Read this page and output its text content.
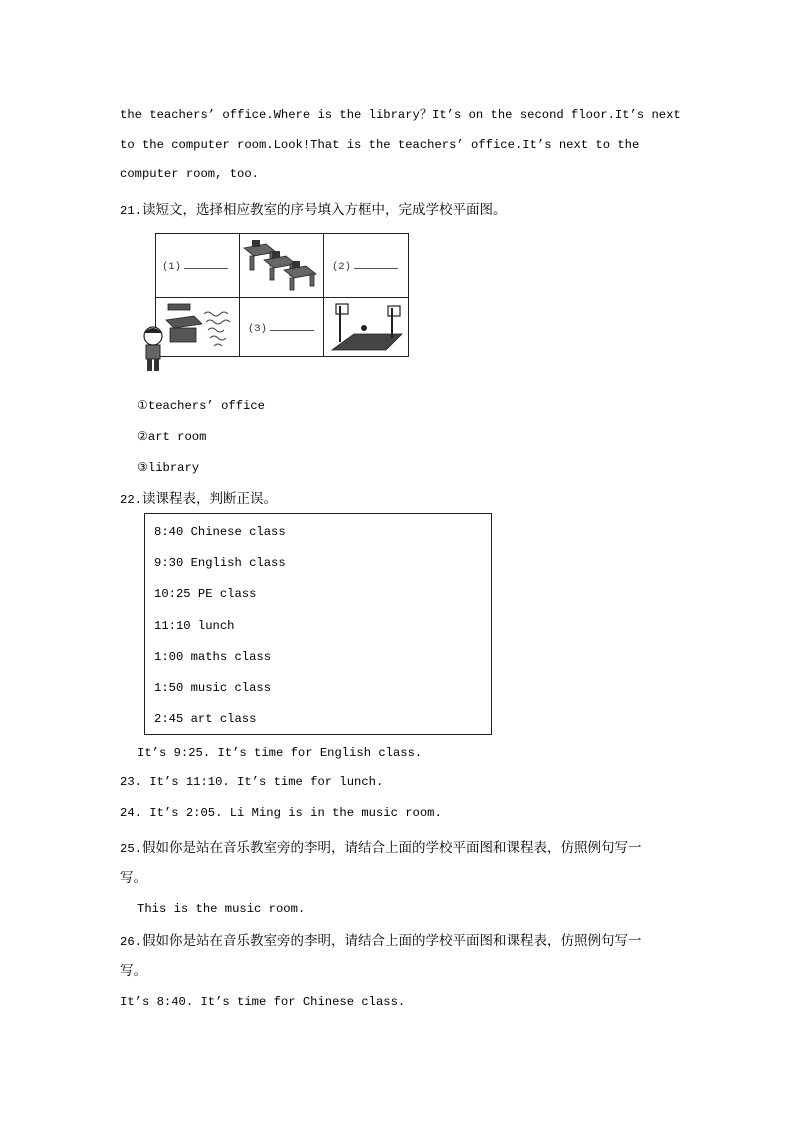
the teachers’ office.Where is the library？It’s on the second floor.It’s next
to the computer room.Look!That is the teachers’ office.It’s next to the
computer room, too.
21.读短文，选择相应教室的序号填入方框中，完成学校平面图。
(1)	(2)
(3)
①teachers’ office
②art room
③library
22.读课程表，判断正误。
8:40 Chinese class
9:30 English class
10:25 PE class
11:10 lunch
1:00 maths class
1:50 music class
2:45 art class
It’s 9:25. It’s time for English class.
23. It’s 11:10. It’s time for lunch.
24. It’s 2:05. Li Ming is in the music room.
25.假如你是站在音乐教室旁的李明，请结合上面的学校平面图和课程表，仿照例句写一
写。
This is the music room.
26.假如你是站在音乐教室旁的李明，请结合上面的学校平面图和课程表，仿照例句写一
写。
It’s 8:40. It’s time for Chinese class.
